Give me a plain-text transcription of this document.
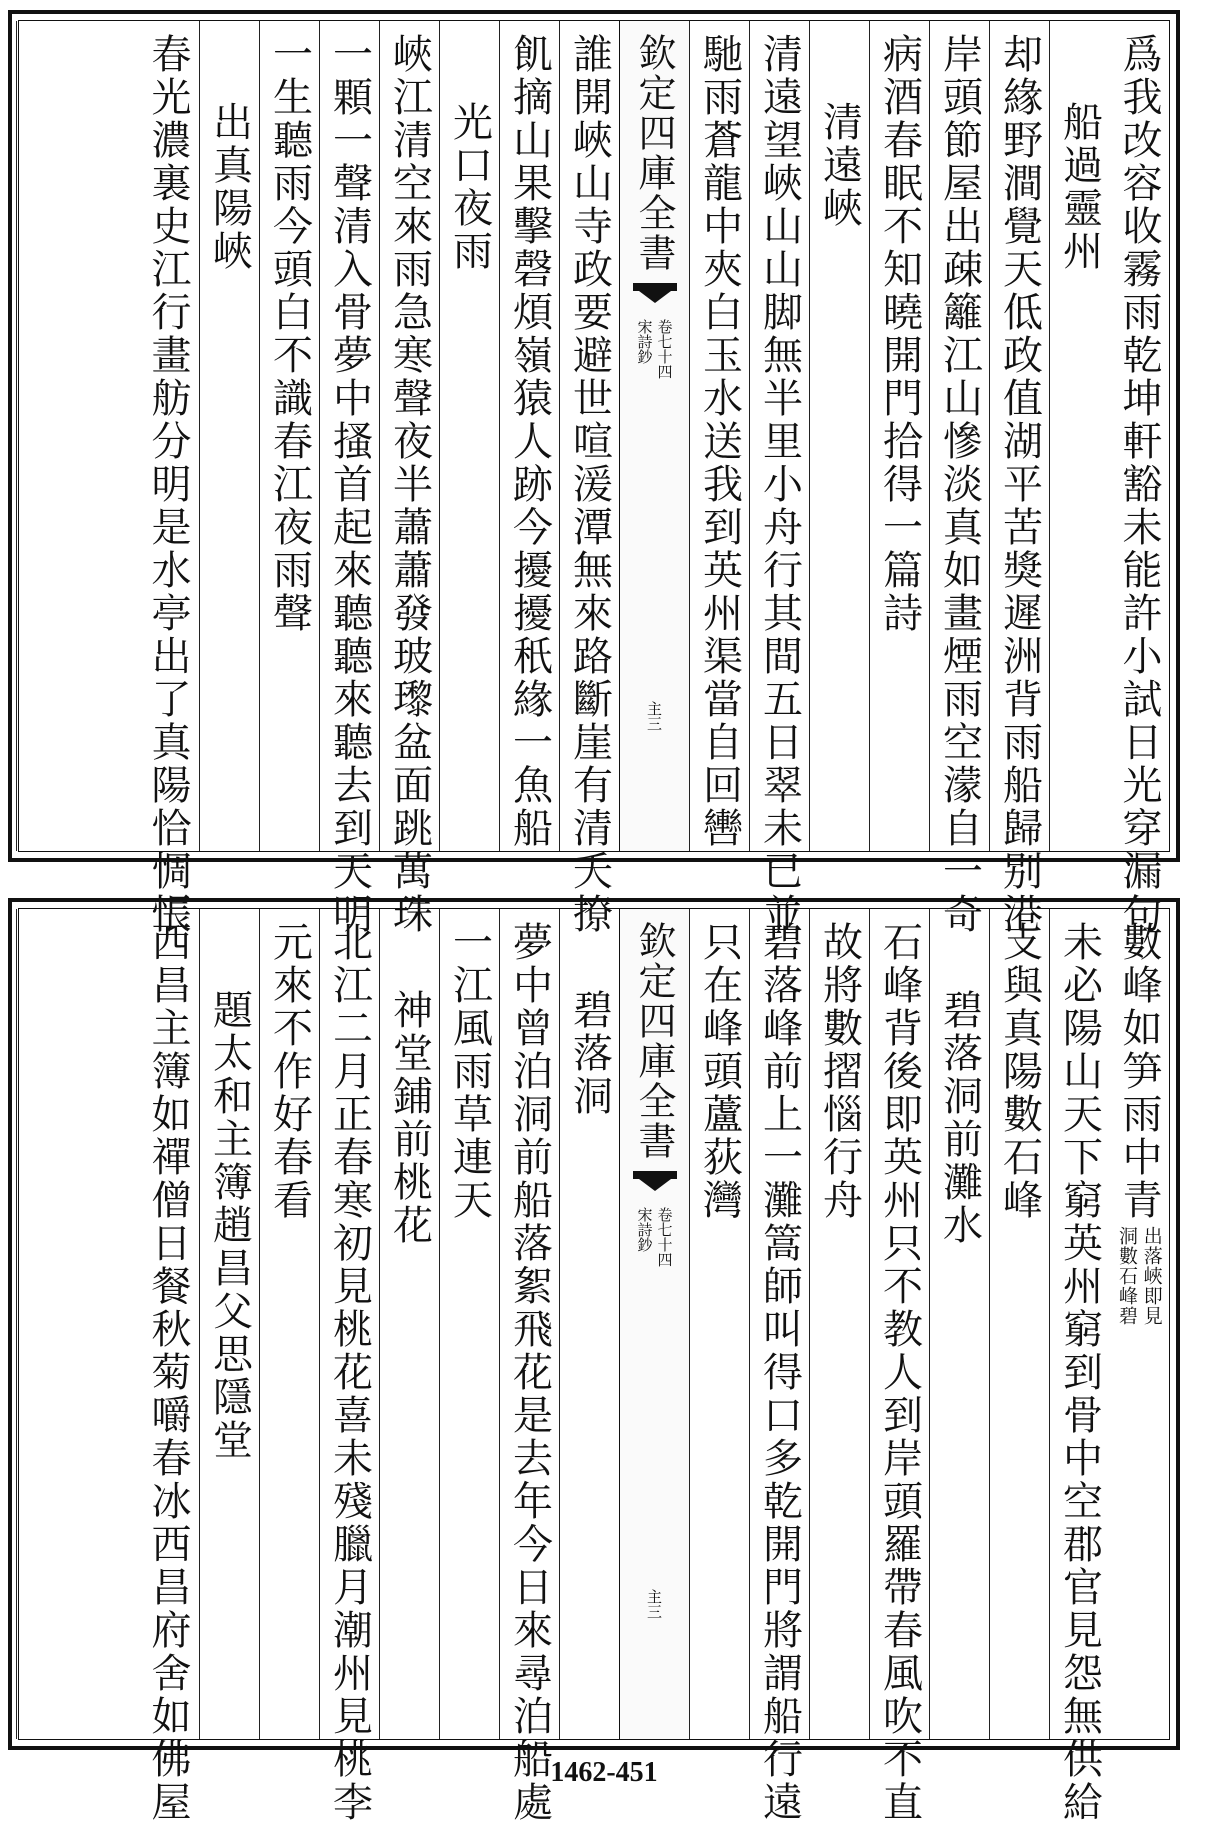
爲我改容收霧雨乾坤軒豁未能許小試日光穿漏句
船過靈州
却緣野澗覺天低政值湖平苦獎遲洲背雨船歸别港
岸頭節屋出疎籬江山慘淡真如畫煙雨空濛自一奇
病酒春眠不知曉開門拾得一篇詩
清遠峽
清遠望峽山山脚無半里小舟行其間五日翠未已並
馳雨蒼龍中夾白玉水送我到英州渠當自回轡
欽定四庫全書
宋詩鈔 卷七十四
主三
誰開峽山寺政要避世喧湲潭無來路斷崖有清夭撩
飢摘山果擊磬煩嶺猿人跡今擾擾秖緣一魚船
光口夜雨
峽江清空來雨急寒聲夜半蕭蕭發玻瓈盆面跳萬珠
一顆一聲清入骨夢中搔首起來聽聽來聽去到天明
一生聽雨今頭白不識春江夜雨聲
出真陽峽
春光濃裏史江行畫舫分明是水亭出了真陽恰惆悵
數峰如笋雨中青
出落峽即見
洞數石峰碧
未必陽山天下窮英州窮到骨中空郡官見怨無供給
支與真陽數石峰
碧落洞前灘水
石峰背後即英州只不教人到岸頭羅帶春風吹不直
故將數摺惱行舟
碧落峰前上一灘篙師叫得口多乾開門將謂船行遠
只在峰頭蘆荻灣
欽定四庫全書
宋詩鈔 卷七十四
主三
碧落洞
夢中曾泊洞前船落絮飛花是去年今日來尋泊船處
一江風雨草連天
神堂鋪前桃花
北江二月正春寒初見桃花喜未殘臘月潮州見桃李
元來不作好春看
題太和主簿趙昌父思隱堂
西昌主簿如禪僧日餐秋菊嚼春冰西昌府舍如佛屋	1462-451
